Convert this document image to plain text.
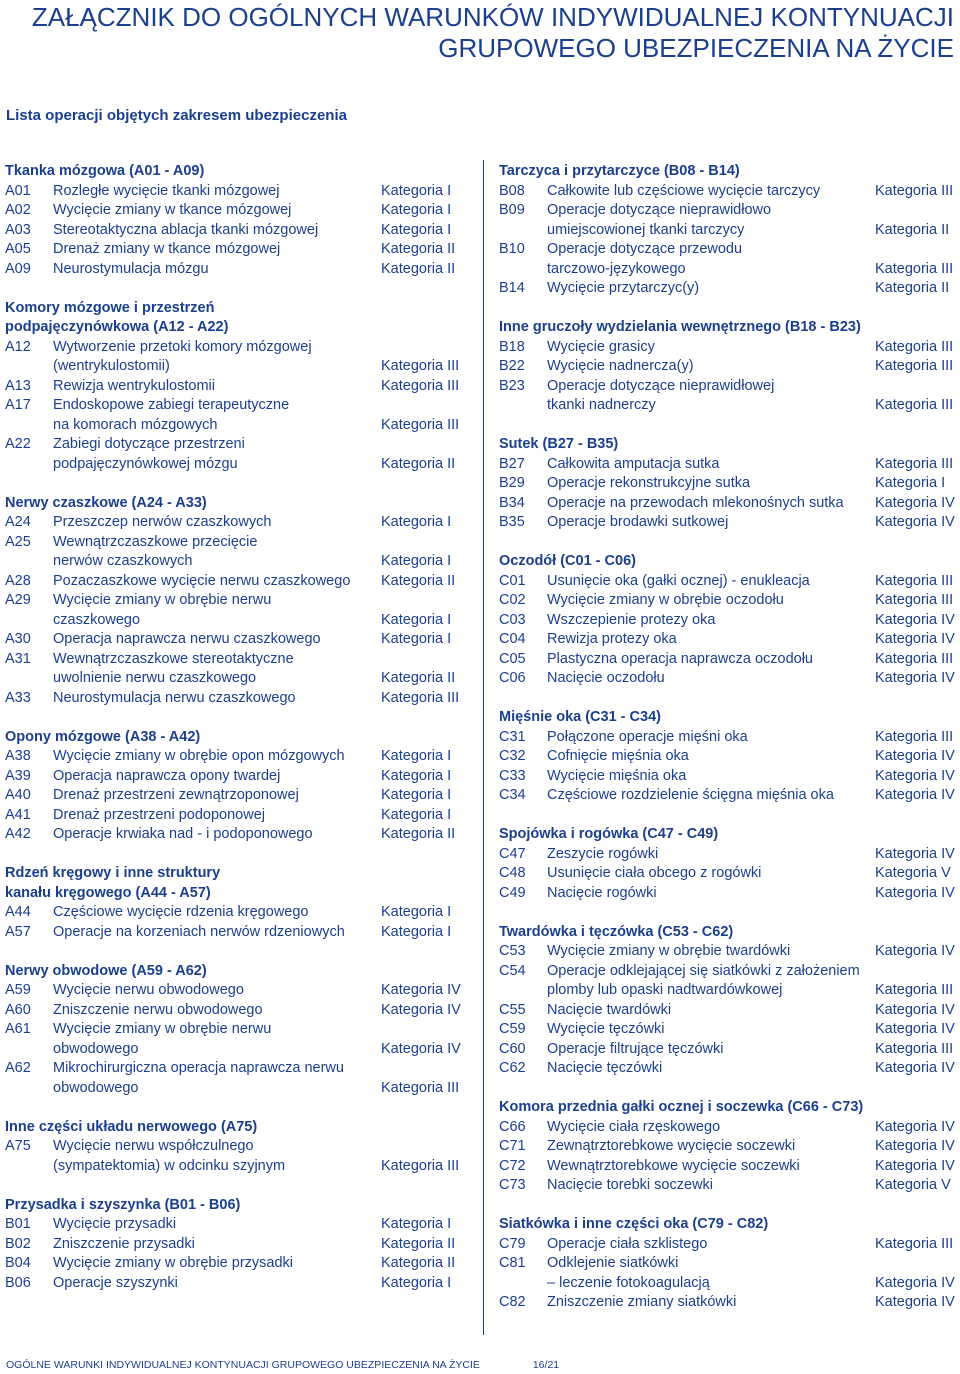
ZAŁĄCZNIK DO OGÓLNYCH WARUNKÓW INDYWIDUALNEJ KONTYNUACJI
GRUPOWEGO UBEZPIECZENIA NA ŻYCIE
Lista operacji objętych zakresem ubezpieczenia
Tkanka mózgowa (A01 - A09)
A01	Rozległe wycięcie tkanki mózgowej	Kategoria I
A02	Wycięcie zmiany w tkance mózgowej	Kategoria I
A03	Stereotaktyczna ablacja tkanki mózgowej	Kategoria I
A05	Drenaż zmiany w tkance mózgowej	Kategoria II
A09	Neurostymulacja mózgu	Kategoria II
Komory mózgowe i przestrzeń
podpajęczynówkowa (A12 - A22)
A12	Wytworzenie przetoki komory mózgowej
(wentrykulostomii)	Kategoria III
A13	Rewizja wentrykulostomii	Kategoria III
A17	Endoskopowe zabiegi terapeutyczne
na komorach mózgowych	Kategoria III
A22	Zabiegi dotyczące przestrzeni
podpajęczynówkowej mózgu	Kategoria II
Nerwy czaszkowe (A24 - A33)
A24	Przeszczep nerwów czaszkowych	Kategoria I
A25	Wewnątrzczaszkowe przecięcie
nerwów czaszkowych	Kategoria I
A28	Pozaczaszkowe wycięcie nerwu czaszkowego	Kategoria II
A29	Wycięcie zmiany w obrębie nerwu
czaszkowego	Kategoria I
A30	Operacja naprawcza nerwu czaszkowego	Kategoria I
A31	Wewnątrzczaszkowe stereotaktyczne
uwolnienie nerwu czaszkowego	Kategoria II
A33	Neurostymulacja nerwu czaszkowego	Kategoria III
Opony mózgowe (A38 - A42)
A38	Wycięcie zmiany w obrębie opon mózgowych	Kategoria I
A39	Operacja naprawcza opony twardej	Kategoria I
A40	Drenaż przestrzeni zewnątrzoponowej	Kategoria I
A41	Drenaż przestrzeni podoponowej	Kategoria I
A42	Operacje krwiaka nad - i podoponowego	Kategoria II
Rdzeń kręgowy i inne struktury
kanału kręgowego (A44 - A57)
A44	Częściowe wycięcie rdzenia kręgowego	Kategoria I
A57	Operacje na korzeniach nerwów rdzeniowych	Kategoria I
Nerwy obwodowe (A59 - A62)
A59	Wycięcie nerwu obwodowego	Kategoria IV
A60	Zniszczenie nerwu obwodowego	Kategoria IV
A61	Wycięcie zmiany w obrębie nerwu
obwodowego	Kategoria IV
A62	Mikrochirurgiczna operacja naprawcza nerwu
obwodowego	Kategoria III
Inne części układu nerwowego (A75)
A75	Wycięcie nerwu współczulnego
(sympatektomia) w odcinku szyjnym	Kategoria III
Przysadka i szyszynka (B01 - B06)
B01	Wycięcie przysadki	Kategoria I
B02	Zniszczenie przysadki	Kategoria II
B04	Wycięcie zmiany w obrębie przysadki	Kategoria II
B06	Operacje szyszynki	Kategoria I
Tarczyca i przytarczyce (B08 - B14)
B08	Całkowite lub częściowe wycięcie tarczycy	Kategoria III
B09	Operacje dotyczące nieprawidłowo
umiejscowionej tkanki tarczycy	Kategoria II
B10	Operacje dotyczące przewodu
tarczowo-językowego	Kategoria III
B14	Wycięcie przytarczyc(y)	Kategoria II
Inne gruczoły wydzielania wewnętrznego (B18 - B23)
B18	Wycięcie grasicy	Kategoria III
B22	Wycięcie nadnercza(y)	Kategoria III
B23	Operacje dotyczące nieprawidłowej
tkanki nadnerczy	Kategoria III
Sutek (B27 - B35)
B27	Całkowita amputacja sutka	Kategoria III
B29	Operacje rekonstrukcyjne sutka	Kategoria I
B34	Operacje na przewodach mlekonośnych sutka	Kategoria IV
B35	Operacje brodawki sutkowej	Kategoria IV
Oczodół (C01 - C06)
C01	Usunięcie oka (gałki ocznej) - enukleacja	Kategoria III
C02	Wycięcie zmiany w obrębie oczodołu	Kategoria III
C03	Wszczepienie protezy oka	Kategoria IV
C04	Rewizja protezy oka	Kategoria IV
C05	Plastyczna operacja naprawcza oczodołu	Kategoria III
C06	Nacięcie oczodołu	Kategoria IV
Mięśnie oka (C31 - C34)
C31	Połączone operacje mięśni oka	Kategoria III
C32	Cofnięcie mięśnia oka	Kategoria IV
C33	Wycięcie mięśnia oka	Kategoria IV
C34	Częściowe rozdzielenie ścięgna mięśnia oka	Kategoria IV
Spojówka i rogówka (C47 - C49)
C47	Zeszycie rogówki	Kategoria IV
C48	Usunięcie ciała obcego z rogówki	Kategoria V
C49	Nacięcie rogówki	Kategoria IV
Twardówka i tęczówka (C53 - C62)
C53	Wycięcie zmiany w obrębie twardówki	Kategoria IV
C54	Operacje odklejającej się siatkówki z założeniem
plomby lub opaski nadtwardówkowej	Kategoria III
C55	Nacięcie twardówki	Kategoria IV
C59	Wycięcie tęczówki	Kategoria IV
C60	Operacje filtrujące tęczówki	Kategoria III
C62	Nacięcie tęczówki	Kategoria IV
Komora przednia gałki ocznej i soczewka (C66 - C73)
C66	Wycięcie ciała rzęskowego	Kategoria IV
C71	Zewnątrztorebkowe wycięcie soczewki	Kategoria IV
C72	Wewnątrztorebkowe wycięcie soczewki	Kategoria IV
C73	Nacięcie torebki soczewki	Kategoria V
Siatkówka i inne części oka (C79 - C82)
C79	Operacje ciała szklistego	Kategoria III
C81	Odklejenie siatkówki
– leczenie fotokoagulacją	Kategoria IV
C82	Zniszczenie zmiany siatkówki	Kategoria IV
OGÓLNE WARUNKI INDYWIDUALNEJ KONTYNUACJI GRUPOWEGO UBEZPIECZENIA NA ŻYCIE	16/21
